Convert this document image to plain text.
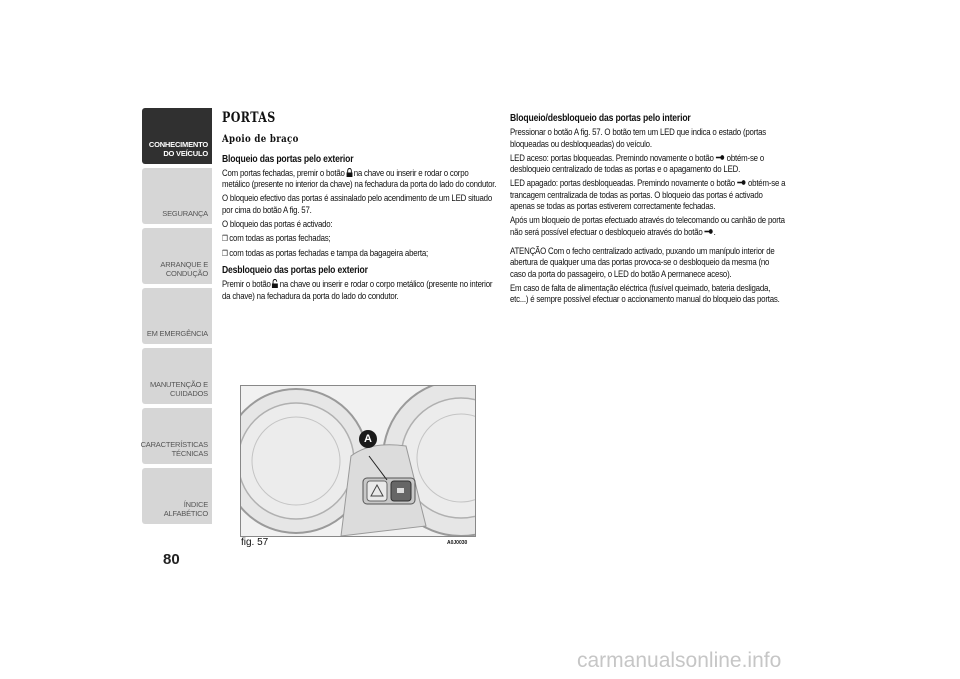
CONHECIMENTO
DO VEÍCULO
SEGURANÇA
ARRANQUE E
CONDUÇÃO
EM EMERGÊNCIA
MANUTENÇÃO E
CUIDADOS
CARACTERÍSTICAS
TÉCNICAS
ÍNDICE ALFABÉTICO
80
PORTAS
Apoio de braço
Bloqueio das portas pelo exterior

Com portas fechadas, premir o botão na chave ou inserir e rodar o corpo metálico (presente no interior da chave) na fechadura da porta do lado do condutor.

O bloqueio efectivo das portas é assinalado pelo acendimento de um LED situado por cima do botão A fig. 57.

O bloqueio das portas é activado:

❒ com todas as portas fechadas;

❒ com todas as portas fechadas e tampa da bagageira aberta;

Desbloqueio das portas pelo exterior

Premir o botão na chave ou inserir e rodar o corpo metálico (presente no interior da chave) na fechadura da porta do lado do condutor.

A
fig. 57	A0J0030
Bloqueio/desbloqueio das portas pelo interior

Pressionar o botão A fig. 57. O botão tem um LED que indica o estado (portas bloqueadas ou desbloqueadas) do veículo.

LED aceso: portas bloqueadas. Premindo novamente o botão obtém-se o desbloqueio centralizado de todas as portas e o apagamento do LED.

LED apagado: portas desbloqueadas. Premindo novamente o botão obtém-se a trancagem centralizada de todas as portas. O bloqueio das portas é activado apenas se todas as portas estiverem correctamente fechadas.

Após um bloqueio de portas efectuado através do telecomando ou canhão de porta não será possível efectuar o desbloqueio através do botão .

ATENÇÃO Com o fecho centralizado activado, puxando um manípulo interior de abertura de qualquer uma das portas provoca-se o desbloqueio da mesma (no caso da porta do passageiro, o LED do botão A permanece aceso).

Em caso de falta de alimentação eléctrica (fusível queimado, bateria desligada, etc...) é sempre possível efectuar o accionamento manual do bloqueio das portas.

carmanualsonline.info
